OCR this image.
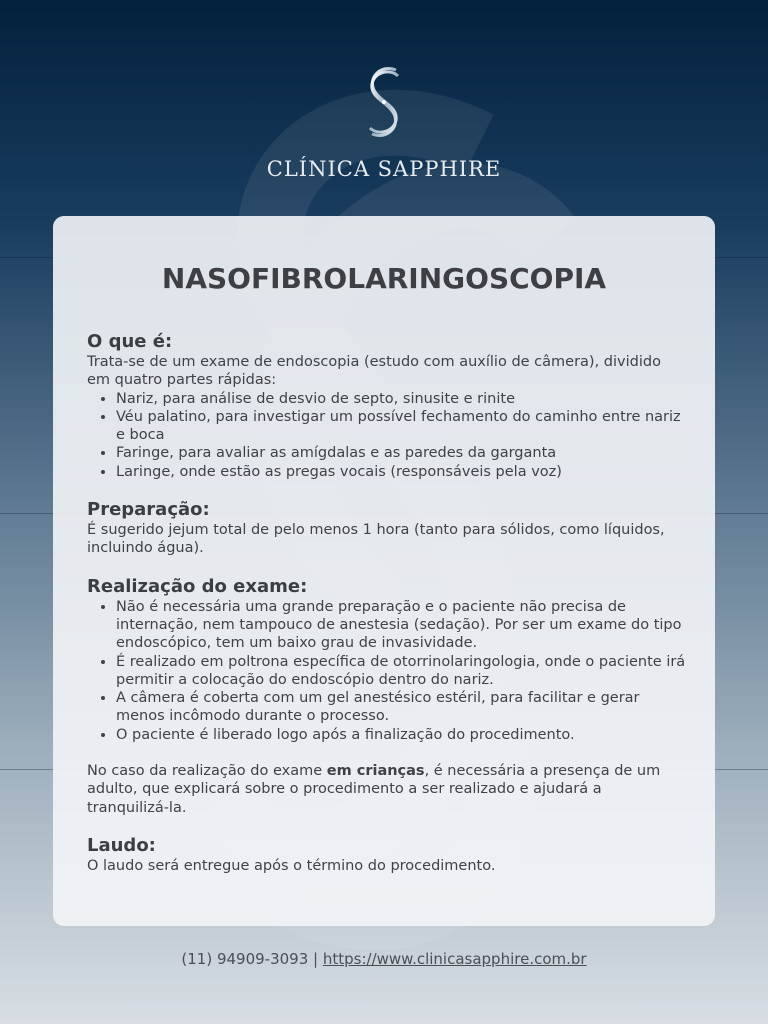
CLÍNICA SAPPHIRE
NASOFIBROLARINGOSCOPIA
O que é:

Trata-se de um exame de endoscopia (estudo com auxílio de câmera), dividido em quatro partes rápidas:

• Nariz, para análise de desvio de septo, sinusite e rinite
• Véu palatino, para investigar um possível fechamento do caminho entre nariz e boca
• Faringe, para avaliar as amígdalas e as paredes da garganta
• Laringe, onde estão as pregas vocais (responsáveis pela voz)
Preparação:

É sugerido jejum total de pelo menos 1 hora (tanto para sólidos, como líquidos, incluindo água).

Realização do exame:
• Não é necessária uma grande preparação e o paciente não precisa de internação, nem tampouco de anestesia (sedação). Por ser um exame do tipo endoscópico, tem um baixo grau de invasividade.
• É realizado em poltrona específica de otorrinolaringologia, onde o paciente irá permitir a colocação do endoscópio dentro do nariz.
• A câmera é coberta com um gel anestésico estéril, para facilitar e gerar menos incômodo durante o processo.
• O paciente é liberado logo após a finalização do procedimento.

No caso da realização do exame em crianças, é necessária a presença de um adulto, que explicará sobre o procedimento a ser realizado e ajudará a tranquilizá-la.

Laudo:

O laudo será entregue após o término do procedimento.

(11) 94909-3093 | https://www.clinicasapphire.com.br
